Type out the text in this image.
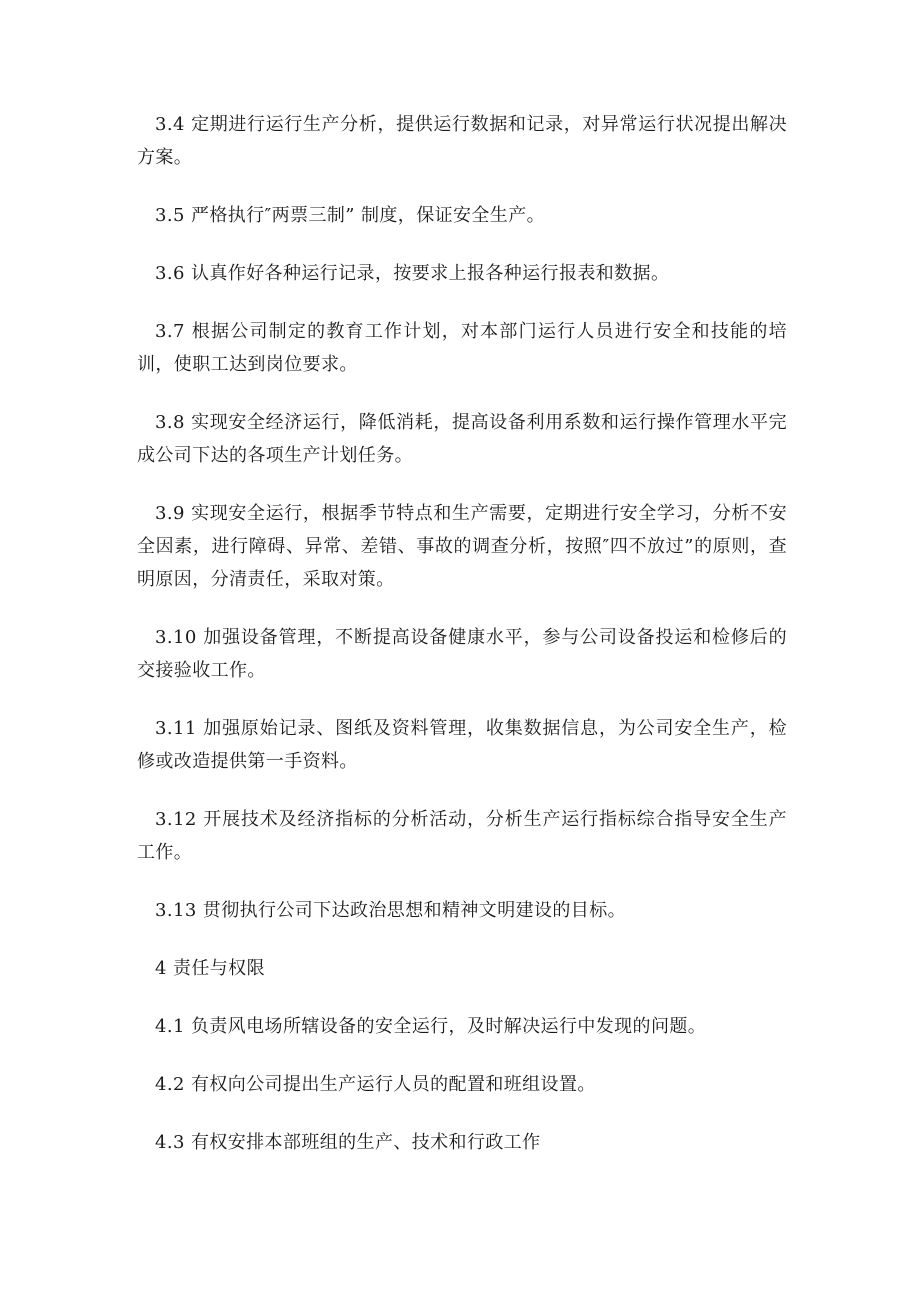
3.4 定期进行运行生产分析，提供运行数据和记录，对异常运行状况提出解决方案。

3.5 严格执行″两票三制” 制度，保证安全生产。

3.6 认真作好各种运行记录，按要求上报各种运行报表和数据。

3.7 根据公司制定的教育工作计划，对本部门运行人员进行安全和技能的培训，使职工达到岗位要求。

3.8 实现安全经济运行，降低消耗，提高设备利用系数和运行操作管理水平完成公司下达的各项生产计划任务。

3.9 实现安全运行，根据季节特点和生产需要，定期进行安全学习，分析不安全因素，进行障碍、异常、差错、事故的调查分析，按照″四不放过”的原则，查明原因，分清责任，采取对策。

3.10 加强设备管理，不断提高设备健康水平，参与公司设备投运和检修后的交接验收工作。

3.11 加强原始记录、图纸及资料管理，收集数据信息，为公司安全生产，检修或改造提供第一手资料。

3.12 开展技术及经济指标的分析活动，分析生产运行指标综合指导安全生产工作。

3.13 贯彻执行公司下达政治思想和精神文明建设的目标。

4 责任与权限

4.1 负责风电场所辖设备的安全运行，及时解决运行中发现的问题。

4.2 有权向公司提出生产运行人员的配置和班组设置。

4.3 有权安排本部班组的生产、技术和行政工作
